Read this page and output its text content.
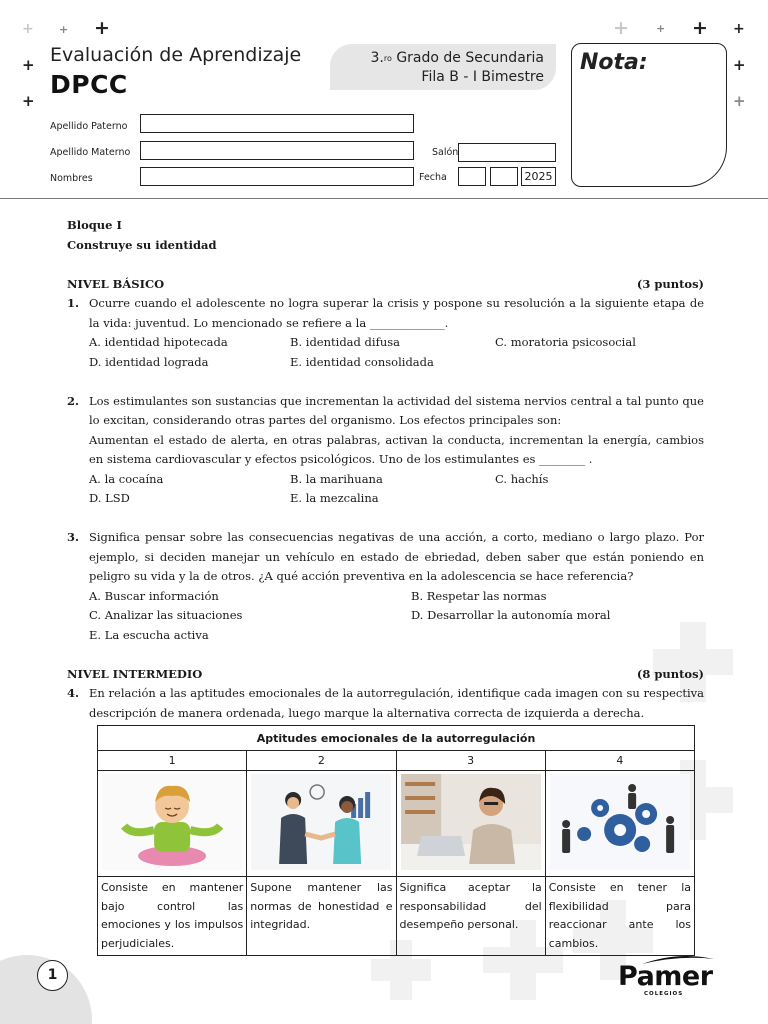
+ + +
+
+
+ + + +
+
+
Evaluación de Aprendizaje
DPCC
3.$^{ro}$ Grado de Secundaria
Fila B - I Bimestre
Nota:
Apellido Paterno
Apellido Materno	Salón
Nombres	Fecha	2025
Bloque I
Construye su identidad
NIVEL BÁSICO	(3 puntos)
1. Ocurre cuando el adolescente no logra superar la crisis y pospone su resolución a la siguiente etapa de la vida: juventud. Lo mencionado se refiere a la _____________.
A. identidad hipotecada	B. identidad difusa	C. moratoria psicosocial
D. identidad lograda	E. identidad consolidada
2. Los estimulantes son sustancias que incrementan la actividad del sistema nervios central a tal punto que lo excitan, considerando otras partes del organismo. Los efectos principales son:
Aumentan el estado de alerta, en otras palabras, activan la conducta, incrementan la energía, cambios en sistema cardiovascular y efectos psicológicos. Uno de los estimulantes es ________ .
A. la cocaína	B. la marihuana	C. hachís
D. LSD	E. la mezcalina
3. Significa pensar sobre las consecuencias negativas de una acción, a corto, mediano o largo plazo. Por ejemplo, si deciden manejar un vehículo en estado de ebriedad, deben saber que están poniendo en peligro su vida y la de otros. ¿A qué acción preventiva en la adolescencia se hace referencia?
A. Buscar información	B. Respetar las normas
C. Analizar las situaciones	D. Desarrollar la autonomía moral
E. La escucha activa
NIVEL INTERMEDIO	(8 puntos)
4. En relación a las aptitudes emocionales de la autorregulación, identifique cada imagen con su respectiva descripción de manera ordenada, luego marque la alternativa correcta de izquierda a derecha.
Aptitudes emocionales de la autorregulación			
1	2	3	4

Consiste en mantener bajo control las emociones y los impulsos perjudiciales.	Supone mantener las normas de honestidad e integridad.	Significa aceptar la responsabilidad del desempeño personal.	Consiste en tener la flexibilidad para reaccionar ante los cambios.
1	Pamer
COLEGIOS
